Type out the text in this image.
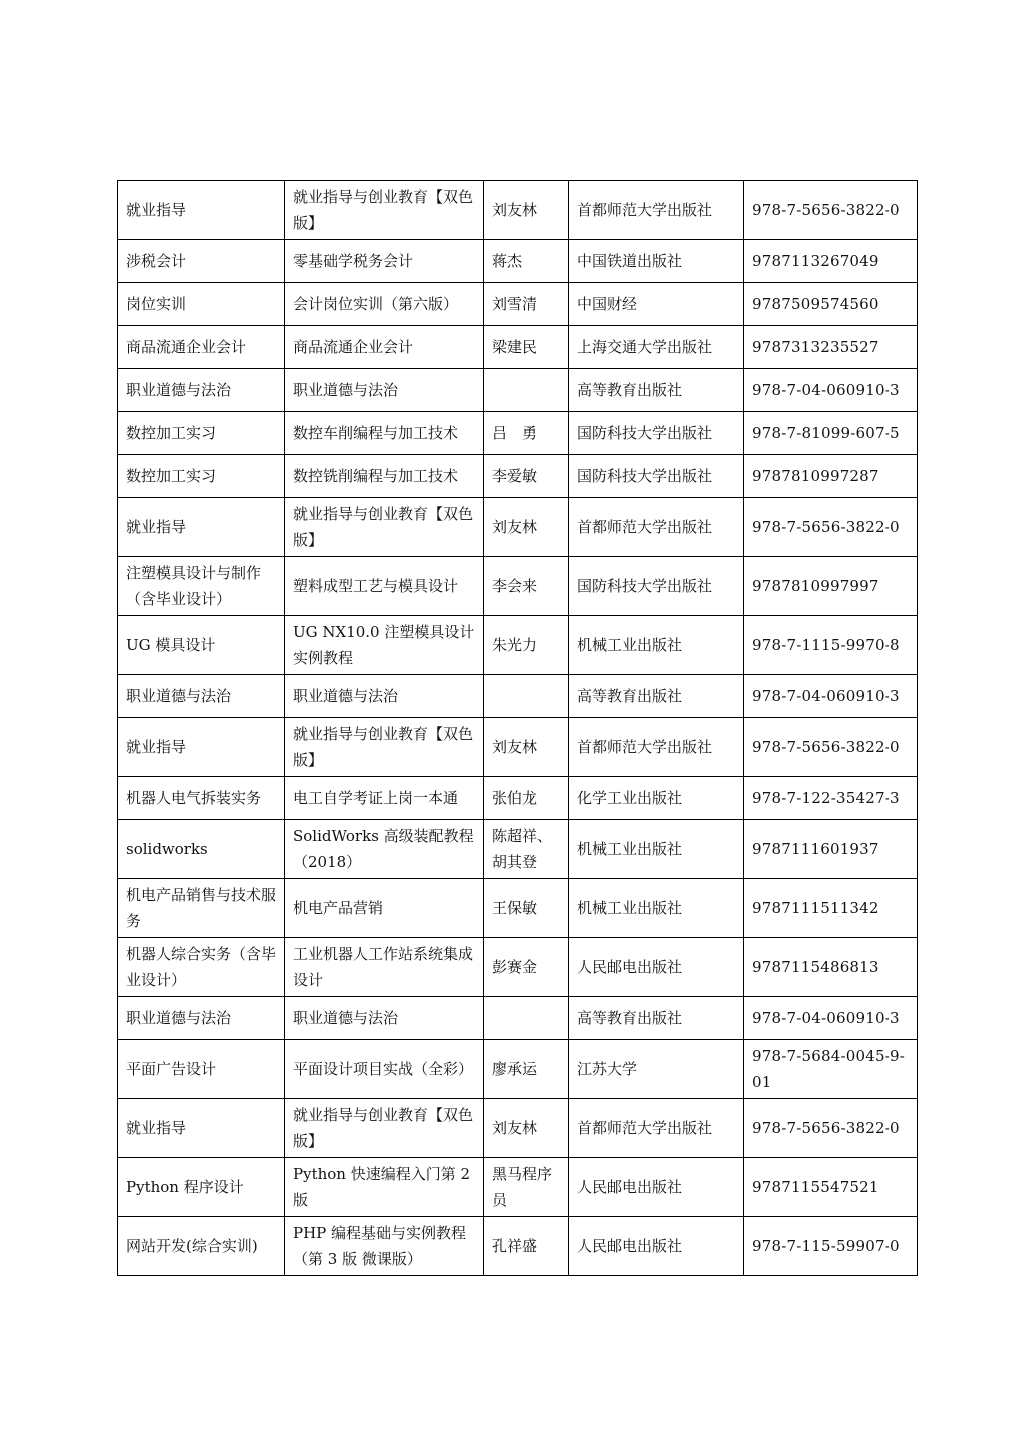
就业指导	就业指导与创业教育【双色版】	刘友林	首都师范大学出版社	978-7-5656-3822-0
涉税会计	零基础学税务会计	蒋杰	中国铁道出版社	9787113267049
岗位实训	会计岗位实训（第六版）	刘雪清	中国财经	9787509574560
商品流通企业会计	商品流通企业会计	梁建民	上海交通大学出版社	9787313235527
职业道德与法治	职业道德与法治		高等教育出版社	978-7-04-060910-3
数控加工实习	数控车削编程与加工技术	吕　勇	国防科技大学出版社	978-7-81099-607-5
数控加工实习	数控铣削编程与加工技术	李爱敏	国防科技大学出版社	9787810997287
就业指导	就业指导与创业教育【双色版】	刘友林	首都师范大学出版社	978-7-5656-3822-0
注塑模具设计与制作（含毕业设计）	塑料成型工艺与模具设计	李会来	国防科技大学出版社	9787810997997
UG 模具设计	UG NX10.0 注塑模具设计实例教程	朱光力	机械工业出版社	978-7-1115-9970-8
职业道德与法治	职业道德与法治		高等教育出版社	978-7-04-060910-3
就业指导	就业指导与创业教育【双色版】	刘友林	首都师范大学出版社	978-7-5656-3822-0
机器人电气拆装实务	电工自学考证上岗一本通	张伯龙	化学工业出版社	978-7-122-35427-3
solidworks	SolidWorks 高级装配教程（2018）	陈超祥、胡其登	机械工业出版社	9787111601937
机电产品销售与技术服务	机电产品营销	王保敏	机械工业出版社	9787111511342
机器人综合实务（含毕业设计）	工业机器人工作站系统集成设计	彭赛金	人民邮电出版社	9787115486813
职业道德与法治	职业道德与法治		高等教育出版社	978-7-04-060910-3
平面广告设计	平面设计项目实战（全彩）	廖承运	江苏大学	978-7-5684-0045-9-01
就业指导	就业指导与创业教育【双色版】	刘友林	首都师范大学出版社	978-7-5656-3822-0
Python 程序设计	Python 快速编程入门第 2 版	黑马程序员	人民邮电出版社	9787115547521
网站开发(综合实训)	PHP 编程基础与实例教程（第 3 版 微课版）	孔祥盛	人民邮电出版社	978-7-115-59907-0
